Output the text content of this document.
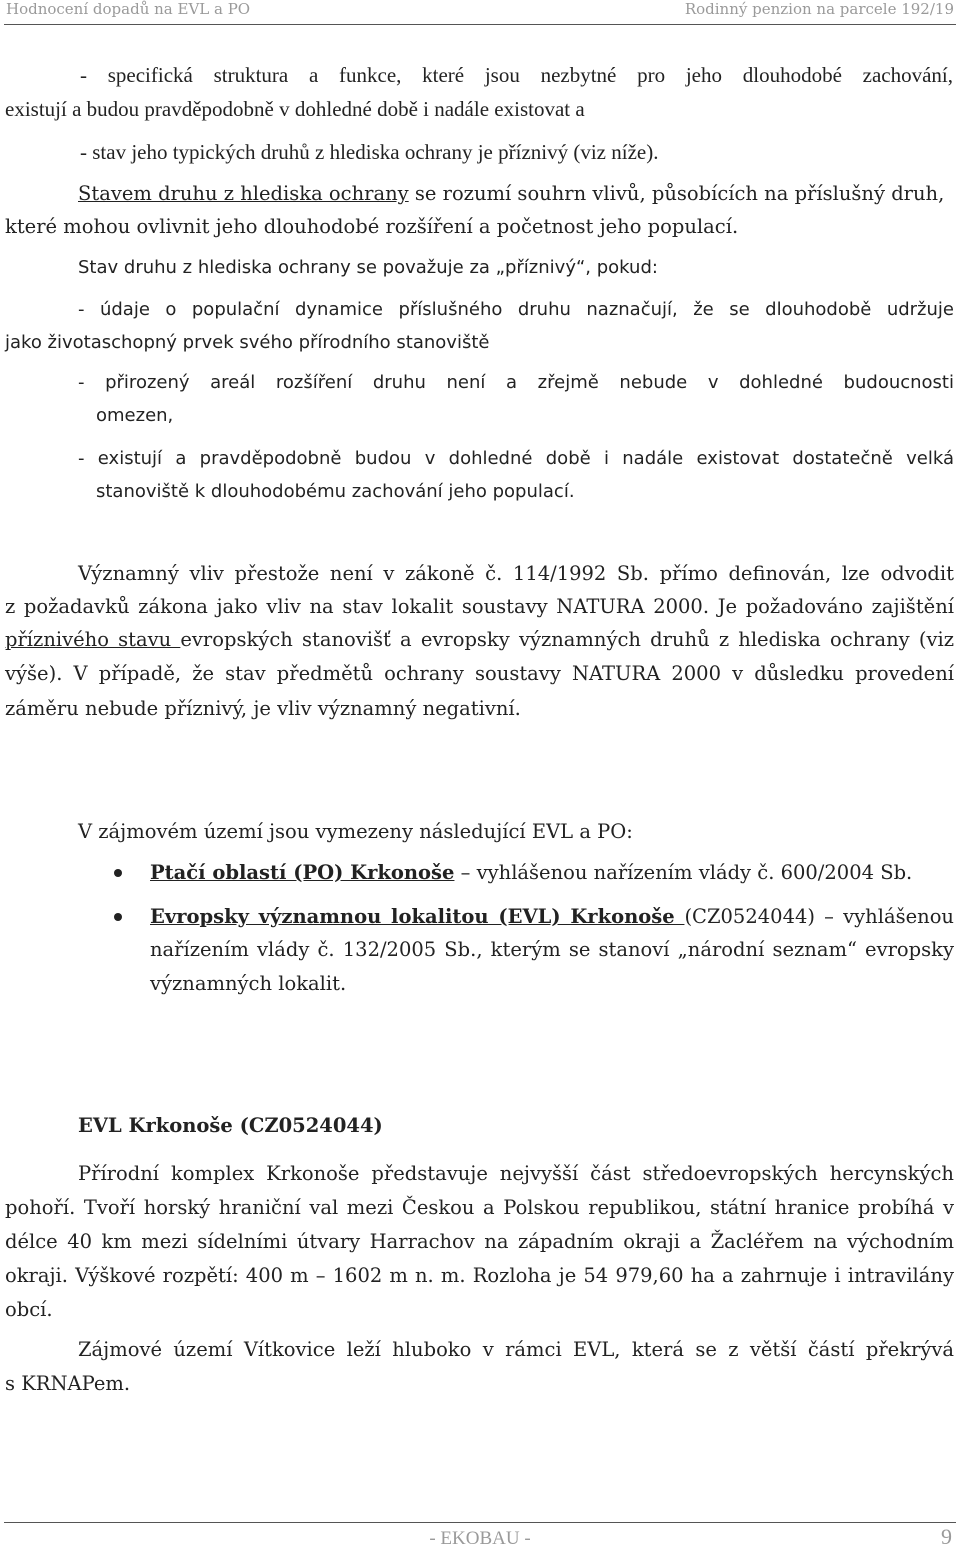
Hodnocení dopadů na EVL a PO	Rodinný penzion na parcele 192/19
- specifická struktura a funkce, které jsou nezbytné pro jeho dlouhodobé zachování,
existují a budou pravděpodobně v dohledné době i nadále existovat a
- stav jeho typických druhů z hlediska ochrany je příznivý (viz níže).
Stavem druhu z hlediska ochrany se rozumí souhrn vlivů, působících na příslušný druh,
které mohou ovlivnit jeho dlouhodobé rozšíření a početnost jeho populací.
Stav druhu z hlediska ochrany se považuje za „příznivý“, pokud:
- údaje o populační dynamice příslušného druhu naznačují, že se dlouhodobě udržuje
jako životaschopný prvek svého přírodního stanoviště
- přirozený areál rozšíření druhu není a zřejmě nebude v dohledné budoucnosti
omezen,
- existují a pravděpodobně budou v dohledné době i nadále existovat dostatečně velká
stanoviště k dlouhodobému zachování jeho populací.
Významný vliv přestože není v zákoně č. 114/1992 Sb. přímo definován, lze odvodit
z požadavků zákona jako vliv na stav lokalit soustavy NATURA 2000. Je požadováno zajištění
příznivého stavu evropských stanovišť a evropsky významných druhů z hlediska ochrany (viz
výše). V případě, že stav předmětů ochrany soustavy NATURA 2000 v důsledku provedení
záměru nebude příznivý, je vliv významný negativní.
V zájmovém území jsou vymezeny následující EVL a PO:
Ptačí oblastí (PO) Krkonoše – vyhlášenou nařízením vlády č. 600/2004 Sb.
Evropsky významnou lokalitou (EVL) Krkonoše (CZ0524044) – vyhlášenou
nařízením vlády č. 132/2005 Sb., kterým se stanoví „národní seznam“ evropsky
významných lokalit.
EVL Krkonoše (CZ0524044)
Přírodní komplex Krkonoše představuje nejvyšší část středoevropských hercynských
pohoří. Tvoří horský hraniční val mezi Českou a Polskou republikou, státní hranice probíhá v
délce 40 km mezi sídelními útvary Harrachov na západním okraji a Žacléřem na východním
okraji. Výškové rozpětí: 400 m – 1602 m n. m. Rozloha je 54 979,60 ha a zahrnuje i intravilány
obcí.
Zájmové území Vítkovice leží hluboko v rámci EVL, která se z větší částí překrývá
s KRNAPem.
- EKOBAU -	9
